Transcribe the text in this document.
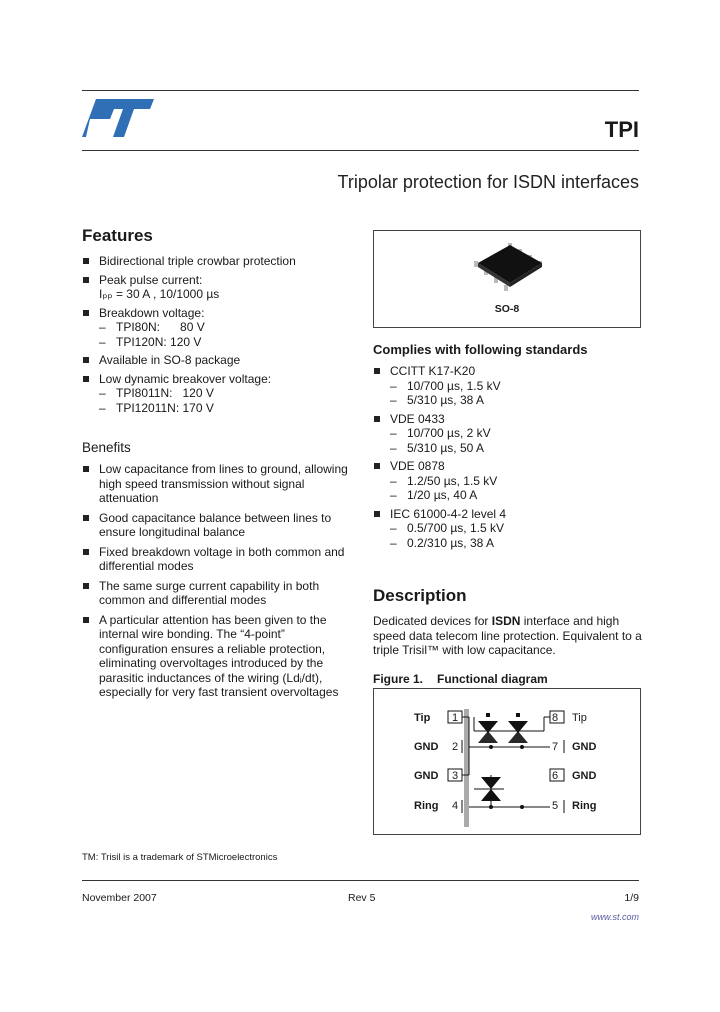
TPI
Tripolar protection for ISDN interfaces
Features
Bidirectional triple crowbar protection
Peak pulse current:
Iₚₚ = 30 A , 10/1000 µs
Breakdown voltage:
– TPI80N:      80 V
– TPI120N: 120 V
Available in SO-8 package
Low dynamic breakover voltage:
– TPI8011N:   120 V
– TPI12011N: 170 V
Benefits
Low capacitance from lines to ground, allowing high speed transmission without signal attenuation
Good capacitance balance between lines to ensure longitudinal balance
Fixed breakdown voltage in both common and differential modes
The same surge current capability in both common and differential modes
A particular attention has been given to the internal wire bonding. The “4-point” configuration ensures a reliable protection, eliminating overvoltages introduced by the parasitic inductances of the wiring (Ldᵢ/dt), especially for very fast transient overvoltages
SO-8
Complies with following standards
CCITT K17-K20
– 10/700 µs, 1.5 kV
– 5/310 µs, 38 A
VDE 0433
– 10/700 µs, 2 kV
– 5/310 µs, 50 A
VDE 0878
– 1.2/50 µs, 1.5 kV
– 1/20 µs, 40 A
IEC 61000-4-2 level 4
– 0.5/700 µs, 1.5 kV
– 0.2/310 µs, 38 A
Description
Dedicated devices for ISDN interface and high speed data telecom line protection. Equivalent to a triple Trisil™ with low capacitance.
Figure 1. Functional diagram
Tip
GND
GND
Ring
1
2
3
4
8
7
6
5
Tip
GND
GND
Ring
TM: Trisil is a trademark of STMicroelectronics
November 2007	Rev 5	1/9
www.st.com
